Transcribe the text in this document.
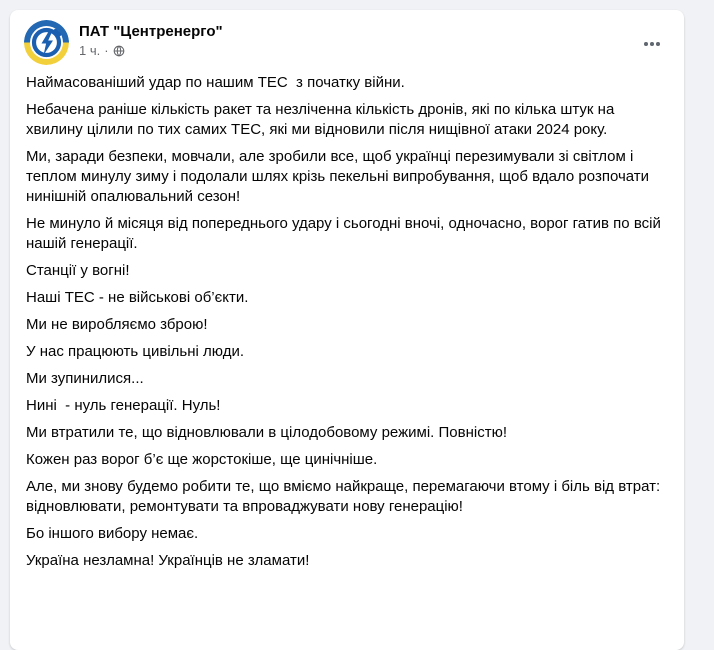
ПАТ "Центренерго"
1 ч. ·

Наймасованіший удар по нашим ТЕС  з початку війни.

Небачена раніше кількість ракет та незліченна кількість дронів, які по кілька штук на хвилину цілили по тих самих ТЕС, які ми відновили після нищівної атаки 2024 року.

Ми, заради безпеки, мовчали, але зробили все, щоб українці перезимували зі світлом і теплом минулу зиму і подолали шлях крізь пекельні випробування, щоб вдало розпочати нинішній опалювальний сезон!

Не минуло й місяця від попереднього удару і сьогодні вночі, одночасно, ворог гатив по всій нашій генерації.

Станції у вогні!

Наші ТЕС - не військові об’єкти.

Ми не виробляємо зброю!

У нас працюють цивільні люди.

Ми зупинилися...

Нині  - нуль генерації. Нуль!

Ми втратили те, що відновлювали в цілодобовому режимі. Повністю!

Кожен раз ворог б’є ще жорстокіше, ще цинічніше.

Але, ми знову будемо робити те, що вміємо найкраще, перемагаючи втому і біль від втрат: відновлювати, ремонтувати та впроваджувати нову генерацію!

Бо іншого вибору немає.

Україна незламна! Українців не зламати!
